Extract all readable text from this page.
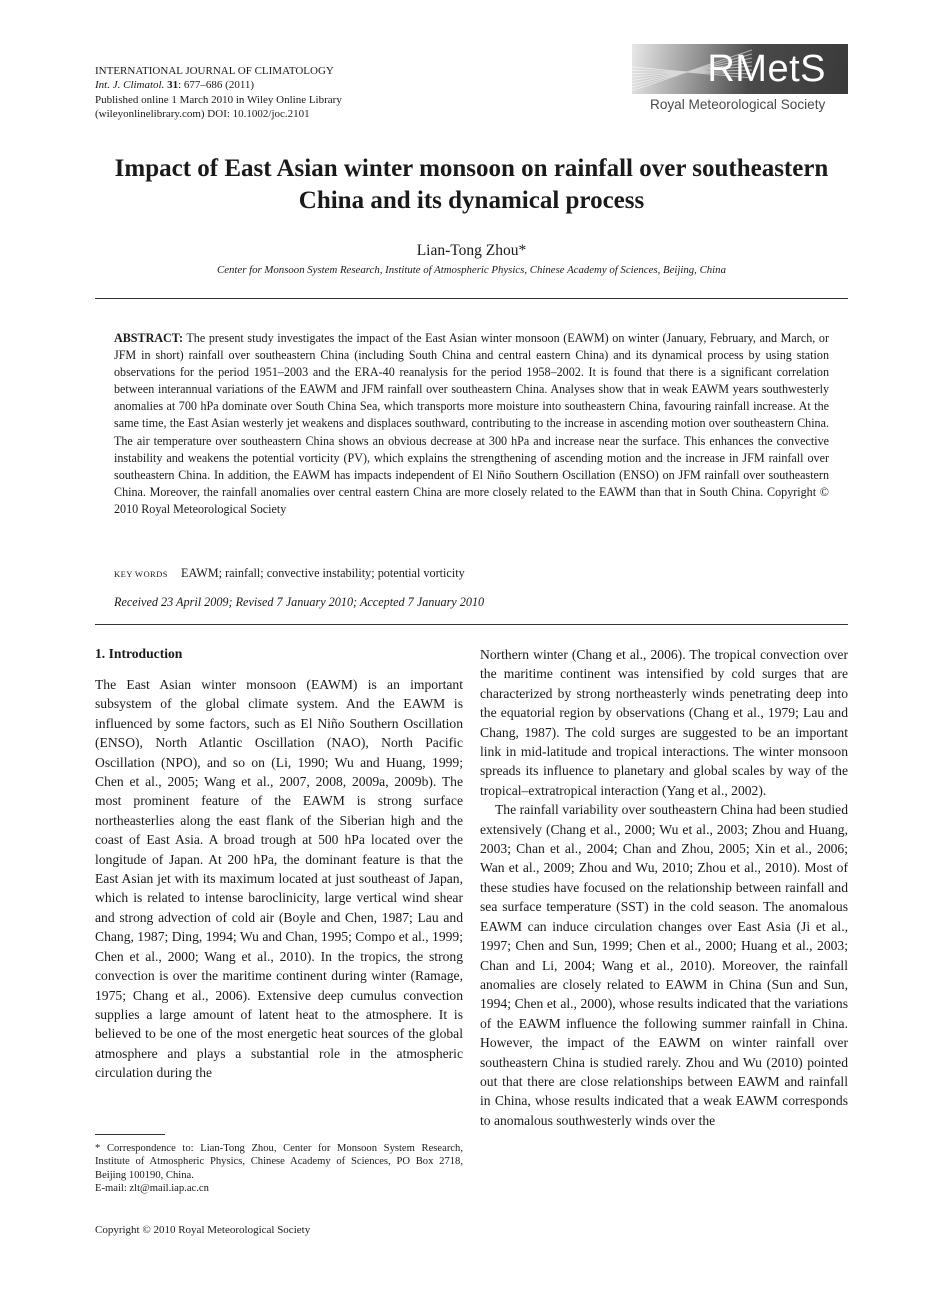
INTERNATIONAL JOURNAL OF CLIMATOLOGY
Int. J. Climatol. 31: 677–686 (2011)
Published online 1 March 2010 in Wiley Online Library
(wileyonlinelibrary.com) DOI: 10.1002/joc.2101
RMetS
Royal Meteorological Society
Impact of East Asian winter monsoon on rainfall over southeastern China and its dynamical process
Lian-Tong Zhou*
Center for Monsoon System Research, Institute of Atmospheric Physics, Chinese Academy of Sciences, Beijing, China
ABSTRACT: The present study investigates the impact of the East Asian winter monsoon (EAWM) on winter (January, February, and March, or JFM in short) rainfall over southeastern China (including South China and central eastern China) and its dynamical process by using station observations for the period 1951–2003 and the ERA-40 reanalysis for the period 1958–2002. It is found that there is a significant correlation between interannual variations of the EAWM and JFM rainfall over southeastern China. Analyses show that in weak EAWM years southwesterly anomalies at 700 hPa dominate over South China Sea, which transports more moisture into southeastern China, favouring rainfall increase. At the same time, the East Asian westerly jet weakens and displaces southward, contributing to the increase in ascending motion over southeastern China. The air temperature over southeastern China shows an obvious decrease at 300 hPa and increase near the surface. This enhances the convective instability and weakens the potential vorticity (PV), which explains the strengthening of ascending motion and the increase in JFM rainfall over southeastern China. In addition, the EAWM has impacts independent of El Niño Southern Oscillation (ENSO) on JFM rainfall over southeastern China. Moreover, the rainfall anomalies over central eastern China are more closely related to the EAWM than that in South China. Copyright © 2010 Royal Meteorological Society
KEY WORDS EAWM; rainfall; convective instability; potential vorticity
Received 23 April 2009; Revised 7 January 2010; Accepted 7 January 2010

1. Introduction

The East Asian winter monsoon (EAWM) is an important subsystem of the global climate system. And the EAWM is influenced by some factors, such as El Niño Southern Oscillation (ENSO), North Atlantic Oscillation (NAO), North Pacific Oscillation (NPO), and so on (Li, 1990; Wu and Huang, 1999; Chen et al., 2005; Wang et al., 2007, 2008, 2009a, 2009b). The most prominent feature of the EAWM is strong surface northeasterlies along the east flank of the Siberian high and the coast of East Asia. A broad trough at 500 hPa located over the longitude of Japan. At 200 hPa, the dominant feature is that the East Asian jet with its maximum located at just southeast of Japan, which is related to intense baroclinicity, large vertical wind shear and strong advection of cold air (Boyle and Chen, 1987; Lau and Chang, 1987; Ding, 1994; Wu and Chan, 1995; Compo et al., 1999; Chen et al., 2000; Wang et al., 2010). In the tropics, the strong convection is over the maritime continent during winter (Ramage, 1975; Chang et al., 2006). Extensive deep cumulus convection supplies a large amount of latent heat to the atmosphere. It is believed to be one of the most energetic heat sources of the global atmosphere and plays a substantial role in the atmospheric circulation during the

Northern winter (Chang et al., 2006). The tropical convection over the maritime continent was intensified by cold surges that are characterized by strong northeasterly winds penetrating deep into the equatorial region by observations (Chang et al., 1979; Lau and Chang, 1987). The cold surges are suggested to be an important link in mid-latitude and tropical interactions. The winter monsoon spreads its influence to planetary and global scales by way of the tropical–extratropical interaction (Yang et al., 2002).

The rainfall variability over southeastern China had been studied extensively (Chang et al., 2000; Wu et al., 2003; Zhou and Huang, 2003; Chan et al., 2004; Chan and Zhou, 2005; Xin et al., 2006; Wan et al., 2009; Zhou and Wu, 2010; Zhou et al., 2010). Most of these studies have focused on the relationship between rainfall and sea surface temperature (SST) in the cold season. The anomalous EAWM can induce circulation changes over East Asia (Ji et al., 1997; Chen and Sun, 1999; Chen et al., 2000; Huang et al., 2003; Chan and Li, 2004; Wang et al., 2010). Moreover, the rainfall anomalies are closely related to EAWM in China (Sun and Sun, 1994; Chen et al., 2000), whose results indicated that the variations of the EAWM influence the following summer rainfall in China. However, the impact of the EAWM on winter rainfall over southeastern China is studied rarely. Zhou and Wu (2010) pointed out that there are close relationships between EAWM and rainfall in China, whose results indicated that a weak EAWM corresponds to anomalous southwesterly winds over the

* Correspondence to: Lian-Tong Zhou, Center for Monsoon System Research, Institute of Atmospheric Physics, Chinese Academy of Sciences, PO Box 2718, Beijing 100190, China.
E-mail: zlt@mail.iap.ac.cn
Copyright © 2010 Royal Meteorological Society
